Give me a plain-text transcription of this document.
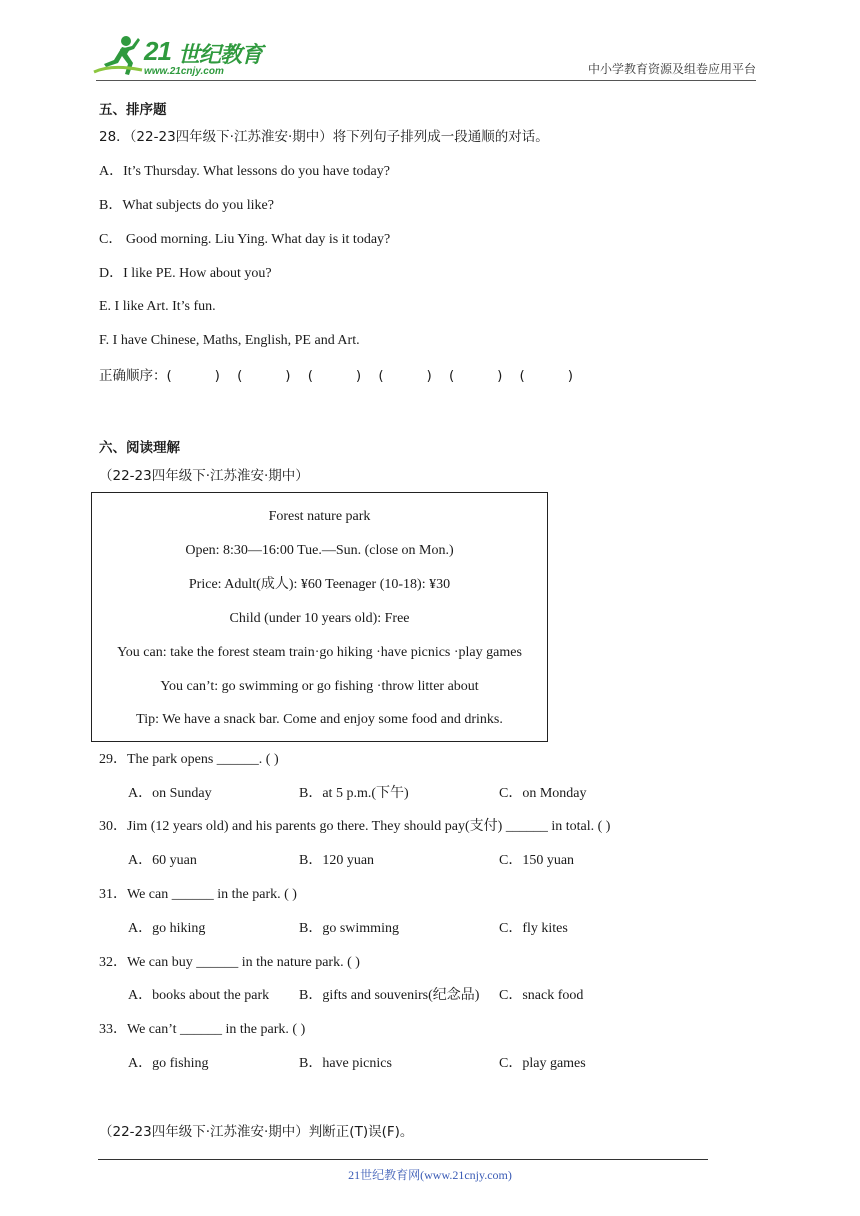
21 世纪教育
www.21cnjy.com	中小学教育资源及组卷应用平台
五、排序题
28．（22-23四年级下·江苏淮安·期中）将下列句子排列成一段通顺的对话。
A．It’s Thursday. What lessons do you have today?
B．What subjects do you like?
C． Good morning. Liu Ying. What day is it today?
D．I like PE. How about you?
E. I like Art. It’s fun.
F. I have Chinese, Maths, English, PE and Art.
正确顺序：(          )    (          )    (          )    (          )    (          )    (          )
六、阅读理解
（22-23四年级下·江苏淮安·期中）
Forest nature park
Open: 8:30—16:00 Tue.—Sun. (close on Mon.)
Price: Adult(成人): ¥60 Teenager (10-18): ¥30
Child (under 10 years old): Free
You can: take the forest steam train·go hiking ·have picnics ·play games
You can’t: go swimming or go fishing ·throw litter about
Tip: We have a snack bar. Come and enjoy some food and drinks.
29．The park opens ______. ( )
A．on Sunday	B．at 5 p.m.(下午)	C．on Monday
30．Jim (12 years old) and his parents go there. They should pay(支付) ______ in total. ( )
A．60 yuan	B．120 yuan	C．150 yuan
31．We can ______ in the park. ( )
A．go hiking	B．go swimming	C．fly kites
32．We can buy ______ in the nature park. ( )
A．books about the park B．gifts and souvenirs(纪念品) C．snack food
33．We can’t ______ in the park. ( )
A．go fishing	B．have picnics	C．play games
（22-23四年级下·江苏淮安·期中）判断正(T)误(F)。
21世纪教育网(www.21cnjy.com)
